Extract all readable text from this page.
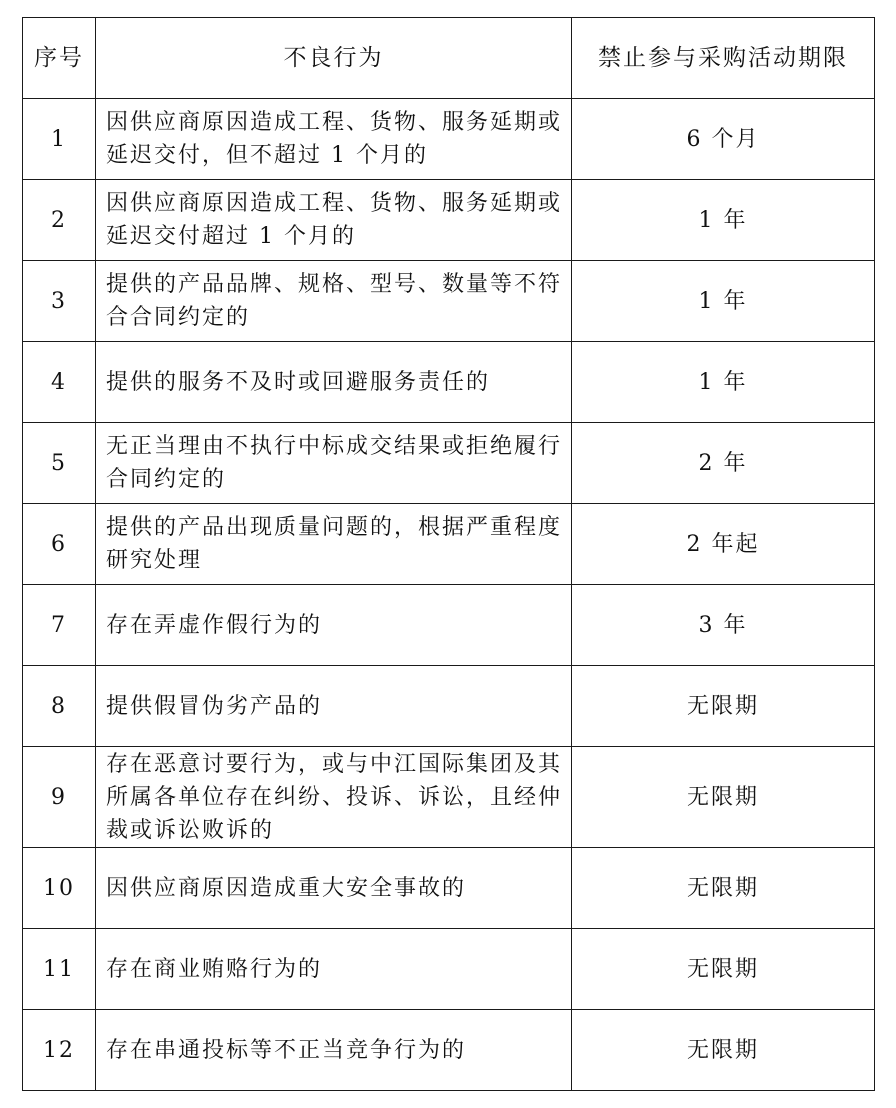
序号	不良行为	禁止参与采购活动期限
1	因供应商原因造成工程、货物、服务延期或延迟交付，但不超过 1 个月的	6 个月
2	因供应商原因造成工程、货物、服务延期或延迟交付超过 1 个月的	1 年
3	提供的产品品牌、规格、型号、数量等不符合合同约定的	1 年
4	提供的服务不及时或回避服务责任的	1 年
5	无正当理由不执行中标成交结果或拒绝履行合同约定的	2 年
6	提供的产品出现质量问题的，根据严重程度研究处理	2 年起
7	存在弄虚作假行为的	3 年
8	提供假冒伪劣产品的	无限期
9	存在恶意讨要行为，或与中江国际集团及其所属各单位存在纠纷、投诉、诉讼，且经仲裁或诉讼败诉的	无限期
10	因供应商原因造成重大安全事故的	无限期
11	存在商业贿赂行为的	无限期
12	存在串通投标等不正当竞争行为的	无限期
